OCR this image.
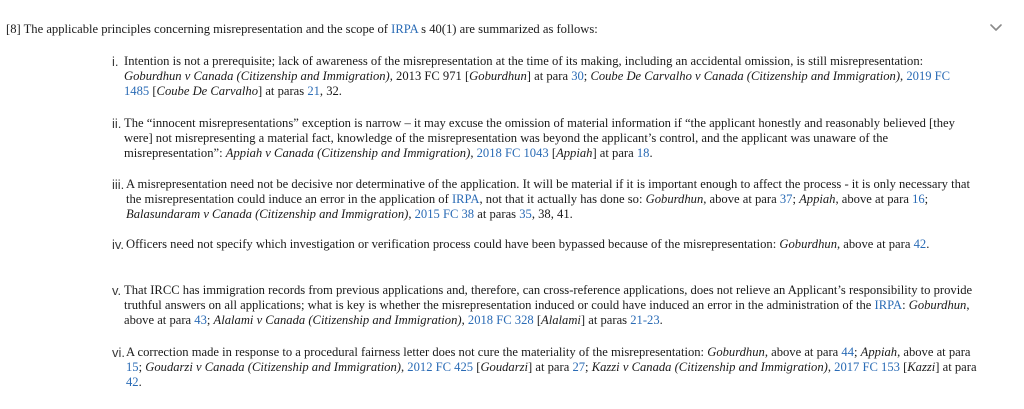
[8] The applicable principles concerning misrepresentation and the scope of IRPA s 40(1) are summarized as follows:
i. Intention is not a prerequisite; lack of awareness of the misrepresentation at the time of its making, including an accidental omission, is still misrepresentation: Goburdhun v Canada (Citizenship and Immigration), 2013 FC 971 [Goburdhun] at para 30; Coube De Carvalho v Canada (Citizenship and Immigration), 2019 FC 1485 [Coube De Carvalho] at paras 21, 32.
ii. The “innocent misrepresentations” exception is narrow – it may excuse the omission of material information if “the applicant honestly and reasonably believed [they were] not misrepresenting a material fact, knowledge of the misrepresentation was beyond the applicant’s control, and the applicant was unaware of the misrepresentation”: Appiah v Canada (Citizenship and Immigration), 2018 FC 1043 [Appiah] at para 18.
iii. A misrepresentation need not be decisive nor determinative of the application. It will be material if it is important enough to affect the process - it is only necessary that the misrepresentation could induce an error in the application of IRPA, not that it actually has done so: Goburdhun, above at para 37; Appiah, above at para 16; Balasundaram v Canada (Citizenship and Immigration), 2015 FC 38 at paras 35, 38, 41.
iv. Officers need not specify which investigation or verification process could have been bypassed because of the misrepresentation: Goburdhun, above at para 42.
v. That IRCC has immigration records from previous applications and, therefore, can cross-reference applications, does not relieve an Applicant’s responsibility to provide truthful answers on all applications; what is key is whether the misrepresentation induced or could have induced an error in the administration of the IRPA: Goburdhun, above at para 43; Alalami v Canada (Citizenship and Immigration), 2018 FC 328 [Alalami] at paras 21-23.
vi. A correction made in response to a procedural fairness letter does not cure the materiality of the misrepresentation: Goburdhun, above at para 44; Appiah, above at para 15; Goudarzi v Canada (Citizenship and Immigration), 2012 FC 425 [Goudarzi] at para 27; Kazzi v Canada (Citizenship and Immigration), 2017 FC 153 [Kazzi] at para 42.
